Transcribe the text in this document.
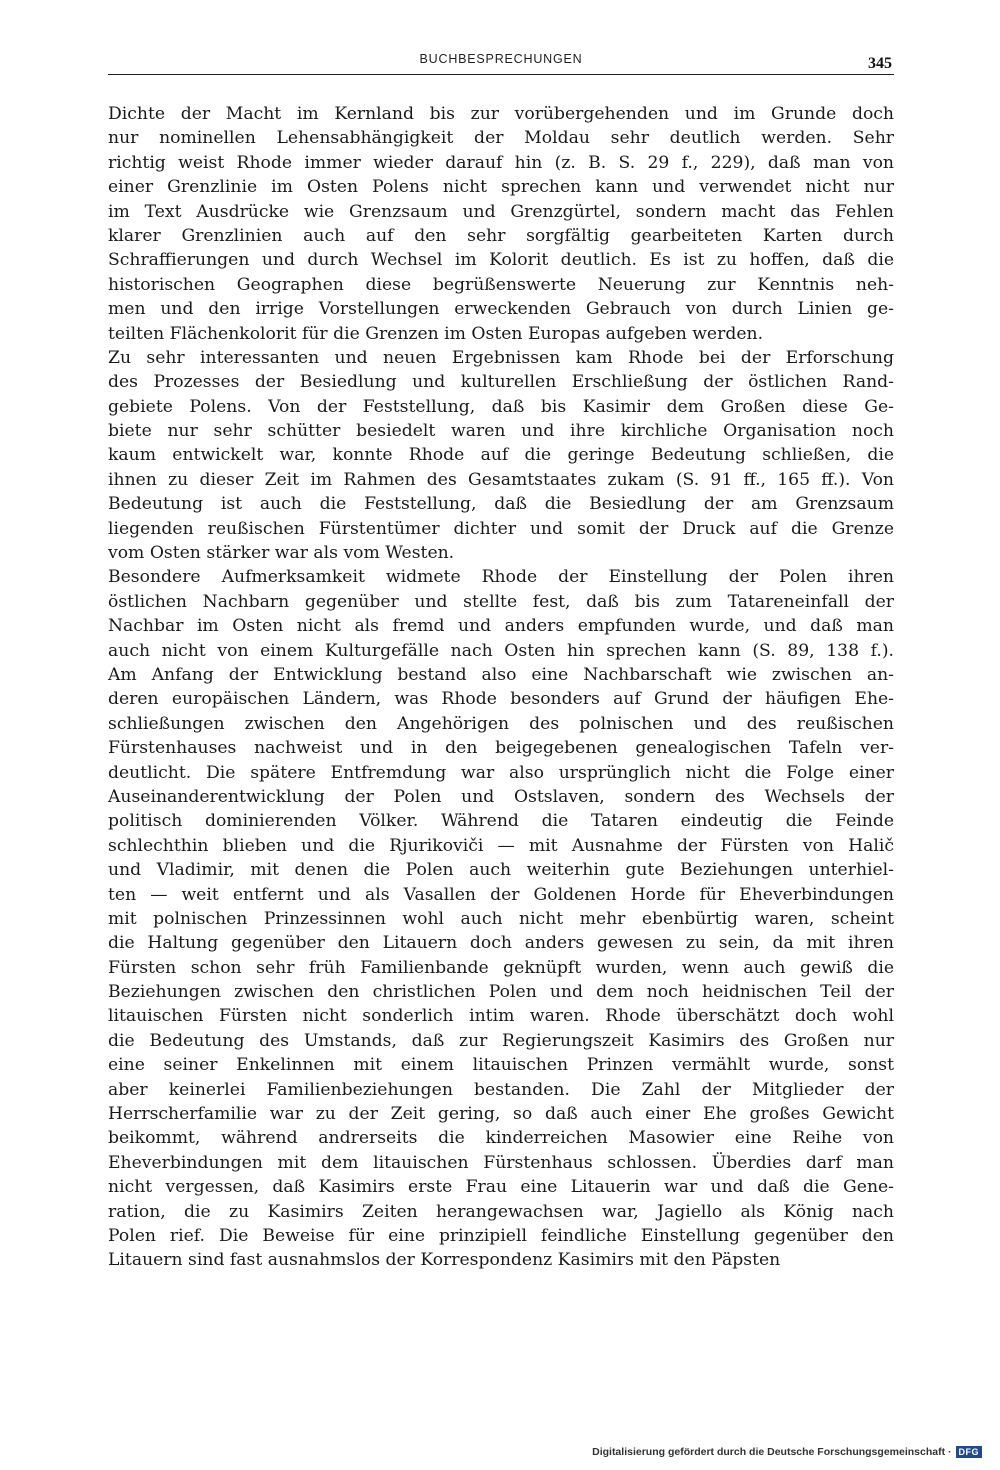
BUCHBESPRECHUNGEN	345
Dichte der Macht im Kernland bis zur vorübergehenden und im Grunde doch
nur nominellen Lehensabhängigkeit der Moldau sehr deutlich werden. Sehr
richtig weist Rhode immer wieder darauf hin (z. B. S. 29 f., 229), daß man von
einer Grenzlinie im Osten Polens nicht sprechen kann und verwendet nicht nur
im Text Ausdrücke wie Grenzsaum und Grenzgürtel, sondern macht das Fehlen
klarer Grenzlinien auch auf den sehr sorgfältig gearbeiteten Karten durch
Schraffierungen und durch Wechsel im Kolorit deutlich. Es ist zu hoffen, daß die
historischen Geographen diese begrüßenswerte Neuerung zur Kenntnis neh-
men und den irrige Vorstellungen erweckenden Gebrauch von durch Linien ge-
teilten Flächenkolorit für die Grenzen im Osten Europas aufgeben werden.
Zu sehr interessanten und neuen Ergebnissen kam Rhode bei der Erforschung
des Prozesses der Besiedlung und kulturellen Erschließung der östlichen Rand-
gebiete Polens. Von der Feststellung, daß bis Kasimir dem Großen diese Ge-
biete nur sehr schütter besiedelt waren und ihre kirchliche Organisation noch
kaum entwickelt war, konnte Rhode auf die geringe Bedeutung schließen, die
ihnen zu dieser Zeit im Rahmen des Gesamtstaates zukam (S. 91 ff., 165 ff.). Von
Bedeutung ist auch die Feststellung, daß die Besiedlung der am Grenzsaum
liegenden reußischen Fürstentümer dichter und somit der Druck auf die Grenze
vom Osten stärker war als vom Westen.
Besondere Aufmerksamkeit widmete Rhode der Einstellung der Polen ihren
östlichen Nachbarn gegenüber und stellte fest, daß bis zum Tatareneinfall der
Nachbar im Osten nicht als fremd und anders empfunden wurde, und daß man
auch nicht von einem Kulturgefälle nach Osten hin sprechen kann (S. 89, 138 f.).
Am Anfang der Entwicklung bestand also eine Nachbarschaft wie zwischen an-
deren europäischen Ländern, was Rhode besonders auf Grund der häufigen Ehe-
schließungen zwischen den Angehörigen des polnischen und des reußischen
Fürstenhauses nachweist und in den beigegebenen genealogischen Tafeln ver-
deutlicht. Die spätere Entfremdung war also ursprünglich nicht die Folge einer
Auseinanderentwicklung der Polen und Ostslaven, sondern des Wechsels der
politisch dominierenden Völker. Während die Tataren eindeutig die Feinde
schlechthin blieben und die Rjurikoviči — mit Ausnahme der Fürsten von Halič
und Vladimir, mit denen die Polen auch weiterhin gute Beziehungen unterhiel-
ten — weit entfernt und als Vasallen der Goldenen Horde für Eheverbindungen
mit polnischen Prinzessinnen wohl auch nicht mehr ebenbürtig waren, scheint
die Haltung gegenüber den Litauern doch anders gewesen zu sein, da mit ihren
Fürsten schon sehr früh Familienbande geknüpft wurden, wenn auch gewiß die
Beziehungen zwischen den christlichen Polen und dem noch heidnischen Teil der
litauischen Fürsten nicht sonderlich intim waren. Rhode überschätzt doch wohl
die Bedeutung des Umstands, daß zur Regierungszeit Kasimirs des Großen nur
eine seiner Enkelinnen mit einem litauischen Prinzen vermählt wurde, sonst
aber keinerlei Familienbeziehungen bestanden. Die Zahl der Mitglieder der
Herrscherfamilie war zu der Zeit gering, so daß auch einer Ehe großes Gewicht
beikommt, während andrerseits die kinderreichen Masowier eine Reihe von
Eheverbindungen mit dem litauischen Fürstenhaus schlossen. Überdies darf man
nicht vergessen, daß Kasimirs erste Frau eine Litauerin war und daß die Gene-
ration, die zu Kasimirs Zeiten herangewachsen war, Jagiello als König nach
Polen rief. Die Beweise für eine prinzipiell feindliche Einstellung gegenüber den
Litauern sind fast ausnahmslos der Korrespondenz Kasimirs mit den Päpsten
Digitalisierung gefördert durch die Deutsche Forschungsgemeinschaft · DFG
